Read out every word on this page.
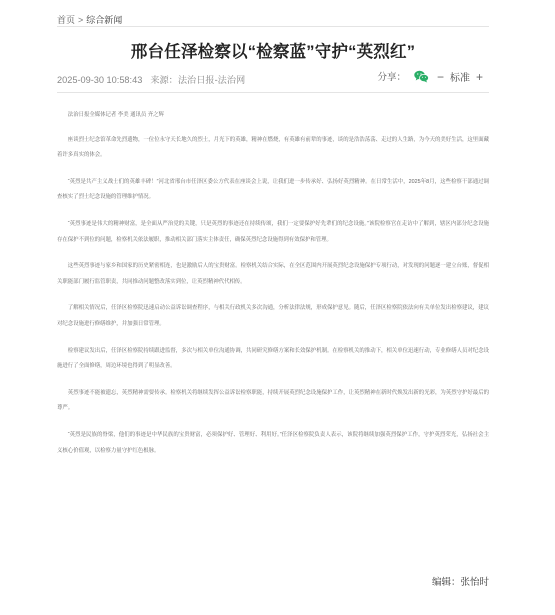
首页 > 综合新闻
邢台任泽检察以“检察蓝”守护“英烈红”
2025-09-30 10:58:43 来源：法治日报-法治网	分享：	− 标准 +

法治日报全媒体记者 李美 通讯员 齐之辉

座谈烈士纪念馆革命先烈遗物，一位位永守天长地久的烈士，月光下的英雄，精神在燃烧，有英雄有前辈的事迹，谈的是浩浩荡荡、走过的人生路，为今天的美好生活，这里面藏着许多真实的体会。

“英烈是共产主义战士们的英雄丰碑！”河北省邢台市任泽区委公方代表在座谈会上说，让我们进一步传承好、弘扬好英烈精神。在日常生活中，2025年8月，这些检察干部通过调查核实了烈士纪念设施的管理维护情况。

“英烈事迹是伟大的精神财富，是全面从严治党的关键，只是英烈的事迹还在持续传颂，我们一定要保护好先辈们的纪念设施。”该院检察官在走访中了解到，辖区内部分纪念设施存在保护不到位的问题，检察机关依法履职，推动相关部门落实主体责任，确保英烈纪念设施得到有效保护和管理。

这些英烈事迹与家乡和国家的历史紧密相连，也是激励后人的宝贵财富。检察机关结合实际，在全区范围内开展英烈纪念设施保护专项行动，对发现的问题逐一建立台账，督促相关职能部门履行监管职责，共同推动问题整改落实到位，让英烈精神代代相传。

了解相关情况后，任泽区检察院迅速启动公益诉讼调查程序，与相关行政机关多次沟通，分析法律法规，形成保护意见。随后，任泽区检察院依法向有关单位发出检察建议，建议对纪念设施进行修缮维护，并加强日常管理。

检察建议发出后，任泽区检察院持续跟进监督，多次与相关单位沟通协调，共同研究修缮方案和长效保护机制。在检察机关的推动下，相关单位迅速行动，专业修缮人员对纪念设施进行了全面修缮，周边环境也得到了明显改善。

英烈事迹不能被遗忘，英烈精神需要传承。检察机关将继续发挥公益诉讼检察职能，持续开展英烈纪念设施保护工作，让英烈精神在新时代焕发出新的光彩，为英烈守护好最后的尊严。

“英烈是民族的脊梁，他们的事迹是中华民族的宝贵财富，必须保护好、管理好、利用好。”任泽区检察院负责人表示，该院将继续加强英烈保护工作，守护英烈荣光，弘扬社会主义核心价值观，以检察力量守护红色根脉。

编辑：张怡时
